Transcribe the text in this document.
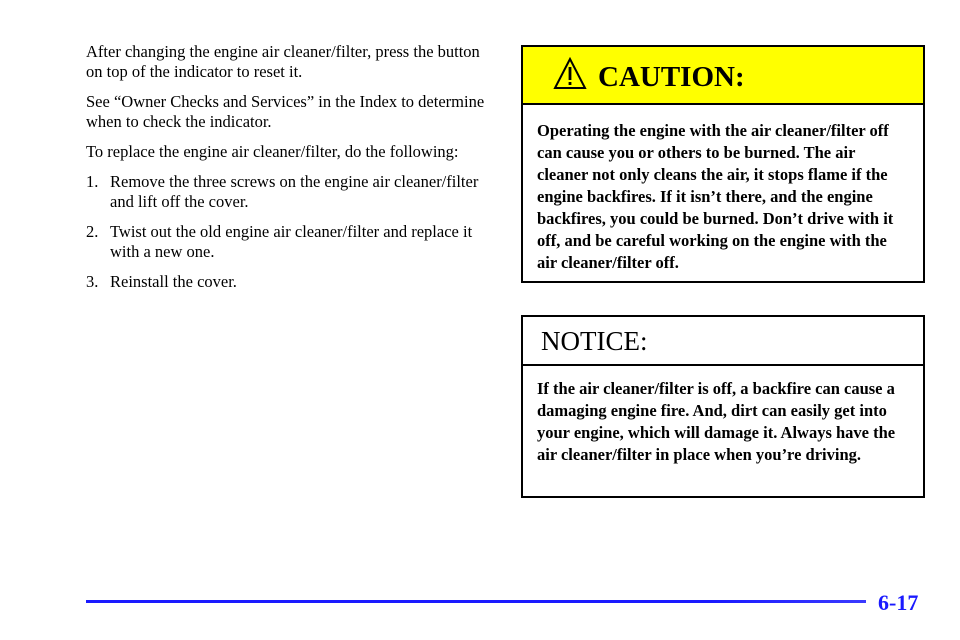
After changing the engine air cleaner/filter, press the button on top of the indicator to reset it.

See “Owner Checks and Services” in the Index to determine when to check the indicator.

To replace the engine air cleaner/filter, do the following:

1. Remove the three screws on the engine air cleaner/filter and lift off the cover.
2. Twist out the old engine air cleaner/filter and replace it with a new one.
3. Reinstall the cover.
CAUTION:
Operating the engine with the air cleaner/filter off can cause you or others to be burned. The air cleaner not only cleans the air, it stops flame if the engine backfires. If it isn’t there, and the engine backfires, you could be burned. Don’t drive with it off, and be careful working on the engine with the air cleaner/filter off.
NOTICE:
If the air cleaner/filter is off, a backfire can cause a damaging engine fire. And, dirt can easily get into your engine, which will damage it. Always have the air cleaner/filter in place when you’re driving.
6-17
